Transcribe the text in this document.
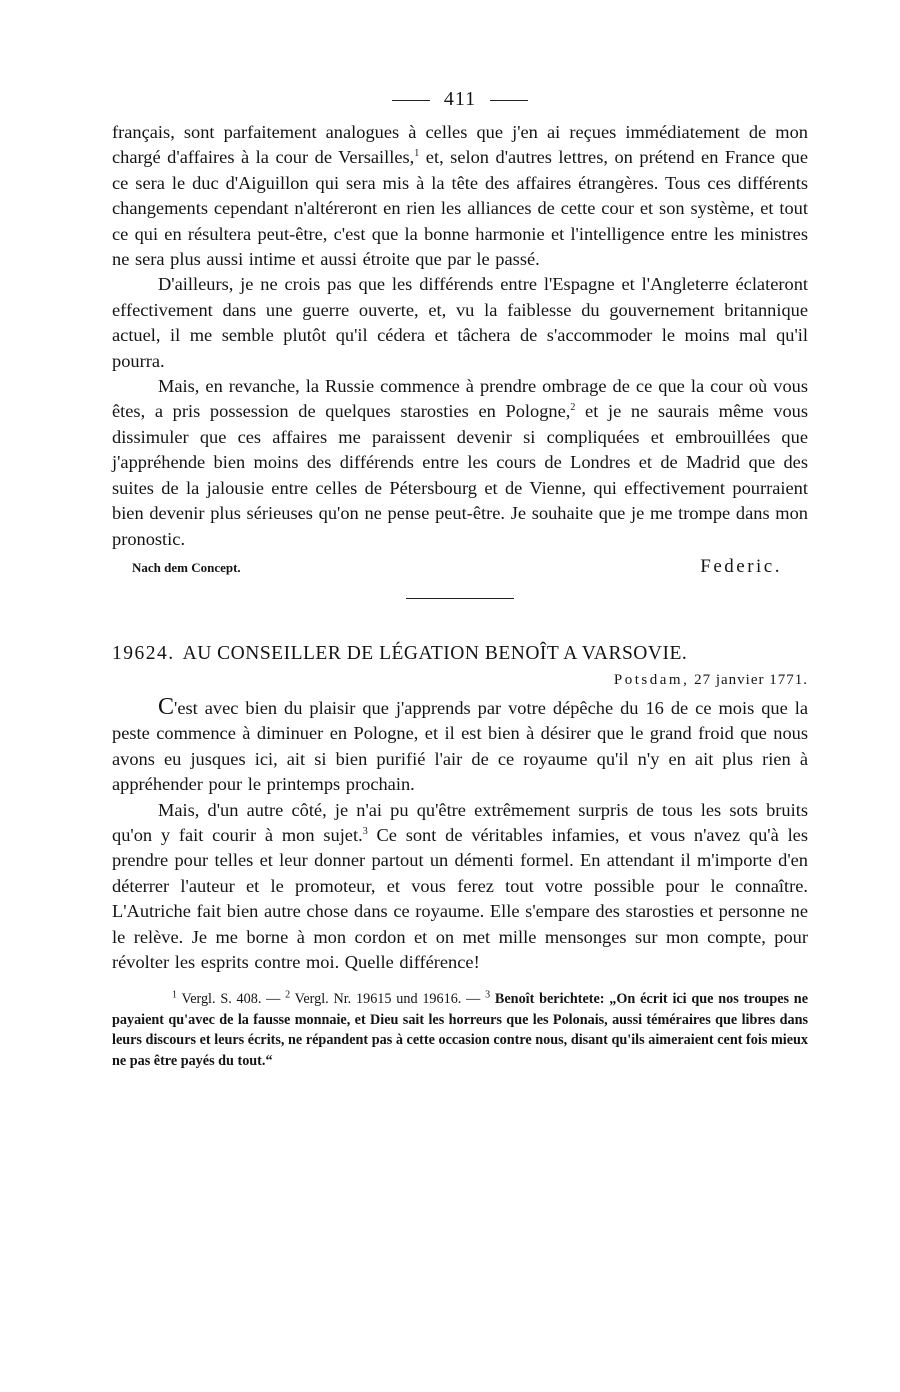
411

français, sont parfaitement analogues à celles que j'en ai reçues immédiatement de mon chargé d'affaires à la cour de Versailles,$^1$ et, selon d'autres lettres, on prétend en France que ce sera le duc d'Aiguillon qui sera mis à la tête des affaires étrangères. Tous ces différents changements cependant n'altéreront en rien les alliances de cette cour et son système, et tout ce qui en résultera peut-être, c'est que la bonne harmonie et l'intelligence entre les ministres ne sera plus aussi intime et aussi étroite que par le passé.

D'ailleurs, je ne crois pas que les différends entre l'Espagne et l'Angleterre éclateront effectivement dans une guerre ouverte, et, vu la faiblesse du gouvernement britannique actuel, il me semble plutôt qu'il cédera et tâchera de s'accommoder le moins mal qu'il pourra.

Mais, en revanche, la Russie commence à prendre ombrage de ce que la cour où vous êtes, a pris possession de quelques starosties en Pologne,$^2$ et je ne saurais même vous dissimuler que ces affaires me paraissent devenir si compliquées et embrouillées que j'appréhende bien moins des différends entre les cours de Londres et de Madrid que des suites de la jalousie entre celles de Pétersbourg et de Vienne, qui effectivement pourraient bien devenir plus sérieuses qu'on ne pense peut-être. Je souhaite que je me trompe dans mon pronostic.

Nach dem Concept.	Federic.
19624. AU CONSEILLER DE LÉGATION BENOÎT A VARSOVIE.
Potsdam, 27 janvier 1771.

C'est avec bien du plaisir que j'apprends par votre dépêche du 16 de ce mois que la peste commence à diminuer en Pologne, et il est bien à désirer que le grand froid que nous avons eu jusques ici, ait si bien purifié l'air de ce royaume qu'il n'y en ait plus rien à appréhender pour le printemps prochain.

Mais, d'un autre côté, je n'ai pu qu'être extrêmement surpris de tous les sots bruits qu'on y fait courir à mon sujet.$^3$ Ce sont de véritables infamies, et vous n'avez qu'à les prendre pour telles et leur donner partout un démenti formel. En attendant il m'importe d'en déterrer l'auteur et le promoteur, et vous ferez tout votre possible pour le connaître. L'Autriche fait bien autre chose dans ce royaume. Elle s'empare des starosties et personne ne le relève. Je me borne à mon cordon et on met mille mensonges sur mon compte, pour révolter les esprits contre moi. Quelle différence!

$^1$ Vergl. S. 408. — $^2$ Vergl. Nr. 19615 und 19616. — $^3$ Benoît berichtete: „On écrit ici que nos troupes ne payaient qu'avec de la fausse monnaie, et Dieu sait les horreurs que les Polonais, aussi téméraires que libres dans leurs discours et leurs écrits, ne répandent pas à cette occasion contre nous, disant qu'ils aimeraient cent fois mieux ne pas être payés du tout.“
